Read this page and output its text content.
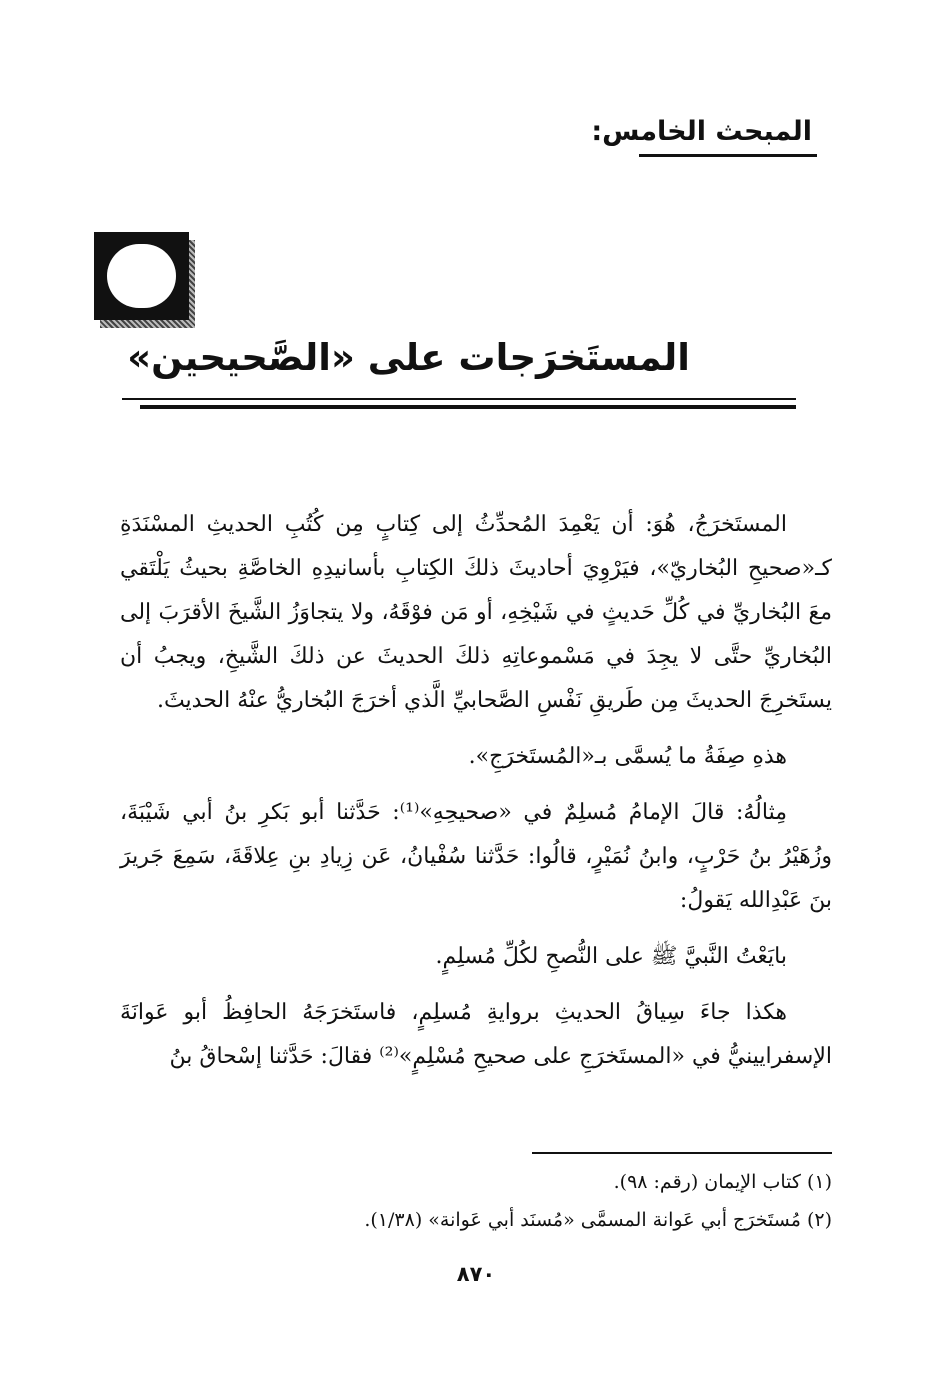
المبحث الخامس:
المستَخرَجات على «الصَّحيحين»

المستَخرَجُ، هُوَ: أن يَعْمِدَ المُحدِّثُ إلى كِتابٍ مِن كُتُبِ الحديثِ المسْنَدَةِ كـ«صحيحِ البُخاريّ»، فيَرْوِيَ أحاديثَ ذلكَ الكِتابِ بأسانيدِهِ الخاصَّةِ بحيثُ يَلْتَقي معَ البُخاريِّ في كُلِّ حَديثٍ في شَيْخِهِ، أو مَن فوْقَهُ، ولا يتجاوَزُ الشَّيخَ الأقرَبَ إلى البُخاريِّ حتَّى لا يجِدَ في مَسْموعاتِهِ ذلكَ الحديثَ عن ذلكَ الشَّيخِ، ويجبُ أن يستَخرِجَ الحديثَ مِن طَريقِ نَفْسِ الصَّحابيِّ الَّذي أخرَجَ البُخاريُّ عنْهُ الحديثَ.

هذهِ صِفَةُ ما يُسمَّى بـ«المُستَخرَجِ».

مِثالُهُ: قالَ الإمامُ مُسلِمٌ في «صحيحِهِ»⁽¹⁾: حَدَّثنا أبو بَكرِ بنُ أبي شَيْبَةَ، وزُهَيْرُ بنُ حَرْبٍ، وابنُ نُمَيْرٍ، قالُوا: حَدَّثنا سُفْيانُ، عَن زِيادِ بنِ عِلاقَةَ، سَمِعَ جَريرَ بنَ عَبْدِالله يَقولُ:

بايَعْتُ النَّبيَّ ﷺ على النُّصحِ لكُلِّ مُسلِمٍ.

هكذا جاءَ سِياقُ الحديثِ بروايةِ مُسلِمٍ، فاستَخرَجَهُ الحافِظُ أبو عَوانَةَ الإسفرايينيُّ في «المستَخرَجِ على صحيحِ مُسْلِمٍ»⁽²⁾ فقالَ: حَدَّثنا إسْحاقُ بنُ

(١) كتاب الإيمان (رقم: ٩٨).
(٢) مُستَخرَج أبي عَوانة المسمَّى «مُسنَد أبي عَوانة» (١/٣٨).
٨٧٠
